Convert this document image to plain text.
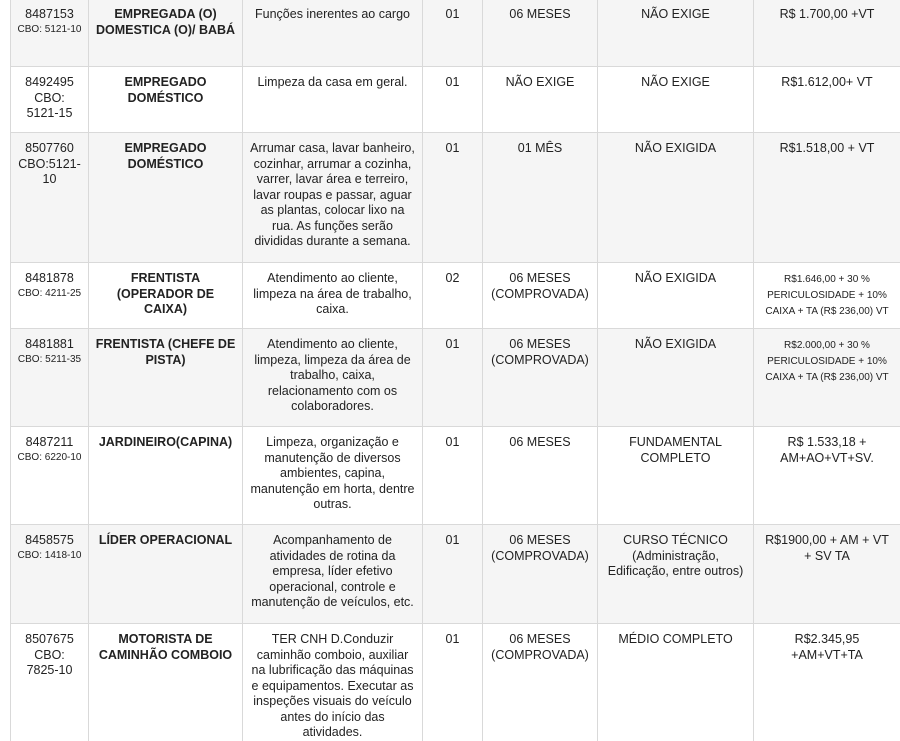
8487153
CBO: 5121-10	EMPREGADA (O) DOMESTICA (O)/ BABÁ	Funções inerentes ao cargo	01	06 MESES	NÃO EXIGE	R$ 1.700,00 +VT

8492495
CBO: 5121-15	EMPREGADO DOMÉSTICO	Limpeza da casa em geral.	01	NÃO EXIGE	NÃO EXIGE	R$1.612,00+ VT

8507760
CBO:5121-10	EMPREGADO DOMÉSTICO	Arrumar casa, lavar banheiro, cozinhar, arrumar a cozinha, varrer, lavar área e terreiro, lavar roupas e passar, aguar as plantas, colocar lixo na rua. As funções serão divididas durante a semana.	01	01 MÊS	NÃO EXIGIDA	R$1.518,00 + VT

8481878
CBO: 4211-25	FRENTISTA (OPERADOR DE CAIXA)	Atendimento ao cliente, limpeza na área de trabalho, caixa.	02	06 MESES (COMPROVADA)	NÃO EXIGIDA	R$1.646,00 + 30 % PERICULOSIDADE + 10% CAIXA + TA (R$ 236,00) VT

8481881
CBO: 5211-35	FRENTISTA (CHEFE DE PISTA)	Atendimento ao cliente, limpeza, limpeza da área de trabalho, caixa, relacionamento com os colaboradores.	01	06 MESES (COMPROVADA)	NÃO EXIGIDA	R$2.000,00 + 30 % PERICULOSIDADE + 10% CAIXA + TA (R$ 236,00) VT

8487211
CBO: 6220-10	JARDINEIRO(CAPINA)	Limpeza, organização e manutenção de diversos ambientes, capina, manutenção em horta, dentre outras.	01	06 MESES	FUNDAMENTAL COMPLETO	R$ 1.533,18 + AM+AO+VT+SV.

8458575
CBO: 1418-10	LÍDER OPERACIONAL	Acompanhamento de atividades de rotina da empresa, líder efetivo operacional, controle e manutenção de veículos, etc.	01	06 MESES (COMPROVADA)	CURSO TÉCNICO (Administração, Edificação, entre outros)	R$1900,00 + AM + VT + SV TA

8507675
CBO: 7825-10	MOTORISTA DE CAMINHÃO COMBOIO	TER CNH D.Conduzir caminhão comboio, auxiliar na lubrificação das máquinas e equipamentos. Executar as inspeções visuais do veículo antes do início das atividades.	01	06 MESES (COMPROVADA)	MÉDIO COMPLETO	R$2.345,95 +AM+VT+TA
